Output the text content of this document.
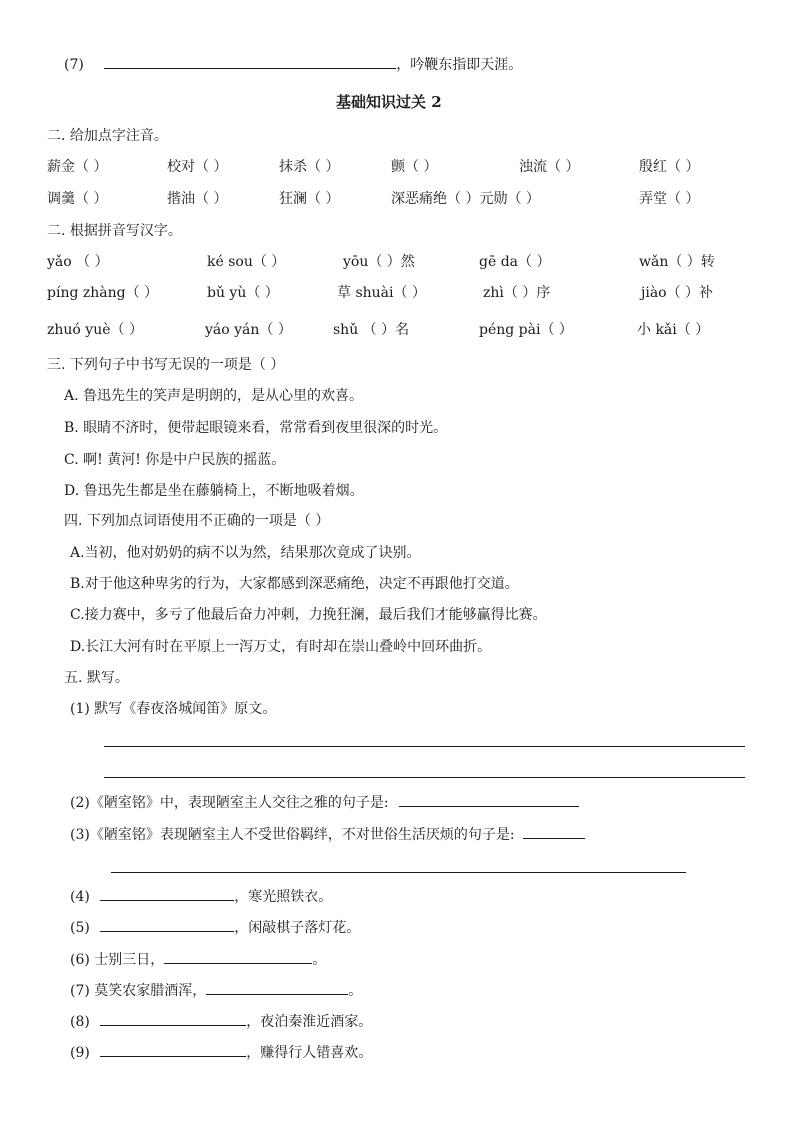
(7)	，吟鞭东指即天涯。
基础知识过关 2
二. 给加点字注音。
薪金（ ）	校对（ ）	抹杀（ ）	颤（ ）	浊流（ ）	殷红（ ）
调羹（ ）	揩油（ ）	狂澜（ ）	深恶痛绝（ ）元勋（ ）	弄堂（ ）
二. 根据拼音写汉字。
yǎo （ ）	ké sou（ ）	yōu（ ）然	gē da（ ）	wǎn（ ）转
píng zhàng（ ）	bǔ yù（ ）	草 shuài（ ）	zhì（ ）序	jiào（ ）补
zhuó yuè（ ）	yáo yán（ ）	shǔ （ ）名	péng pài（ ）	小 kǎi（ ）
三. 下列句子中书写无误的一项是（ ）
A. 鲁迅先生的笑声是明朗的，是从心里的欢喜。
B. 眼睛不济时，便带起眼镜来看，常常看到夜里很深的时光。
C. 啊! 黄河! 你是中户民族的摇蓝。
D. 鲁迅先生都是坐在藤躺椅上，不断地吸着烟。
四. 下列加点词语使用不正确的一项是（ ）
A.当初，他对奶奶的病不以为然，结果那次竟成了诀别。
B.对于他这种卑劣的行为，大家都感到深恶痛绝，决定不再跟他打交道。
C.接力赛中，多亏了他最后奋力冲刺，力挽狂澜，最后我们才能够赢得比赛。
D.长江大河有时在平原上一泻万丈，有时却在崇山叠岭中回环曲折。
五. 默写。
(1) 默写《春夜洛城闻笛》原文。
(2)《陋室铭》中，表现陋室主人交往之雅的句子是:
(3)《陋室铭》表现陋室主人不受世俗羁绊，不对世俗生活厌烦的句子是:
(4)	，寒光照铁衣。
(5)	，闲敲棋子落灯花。
(6) 士别三日，	。
(7) 莫笑农家腊酒浑，	。
(8)	，夜泊秦淮近酒家。
(9)	，赚得行人错喜欢。
